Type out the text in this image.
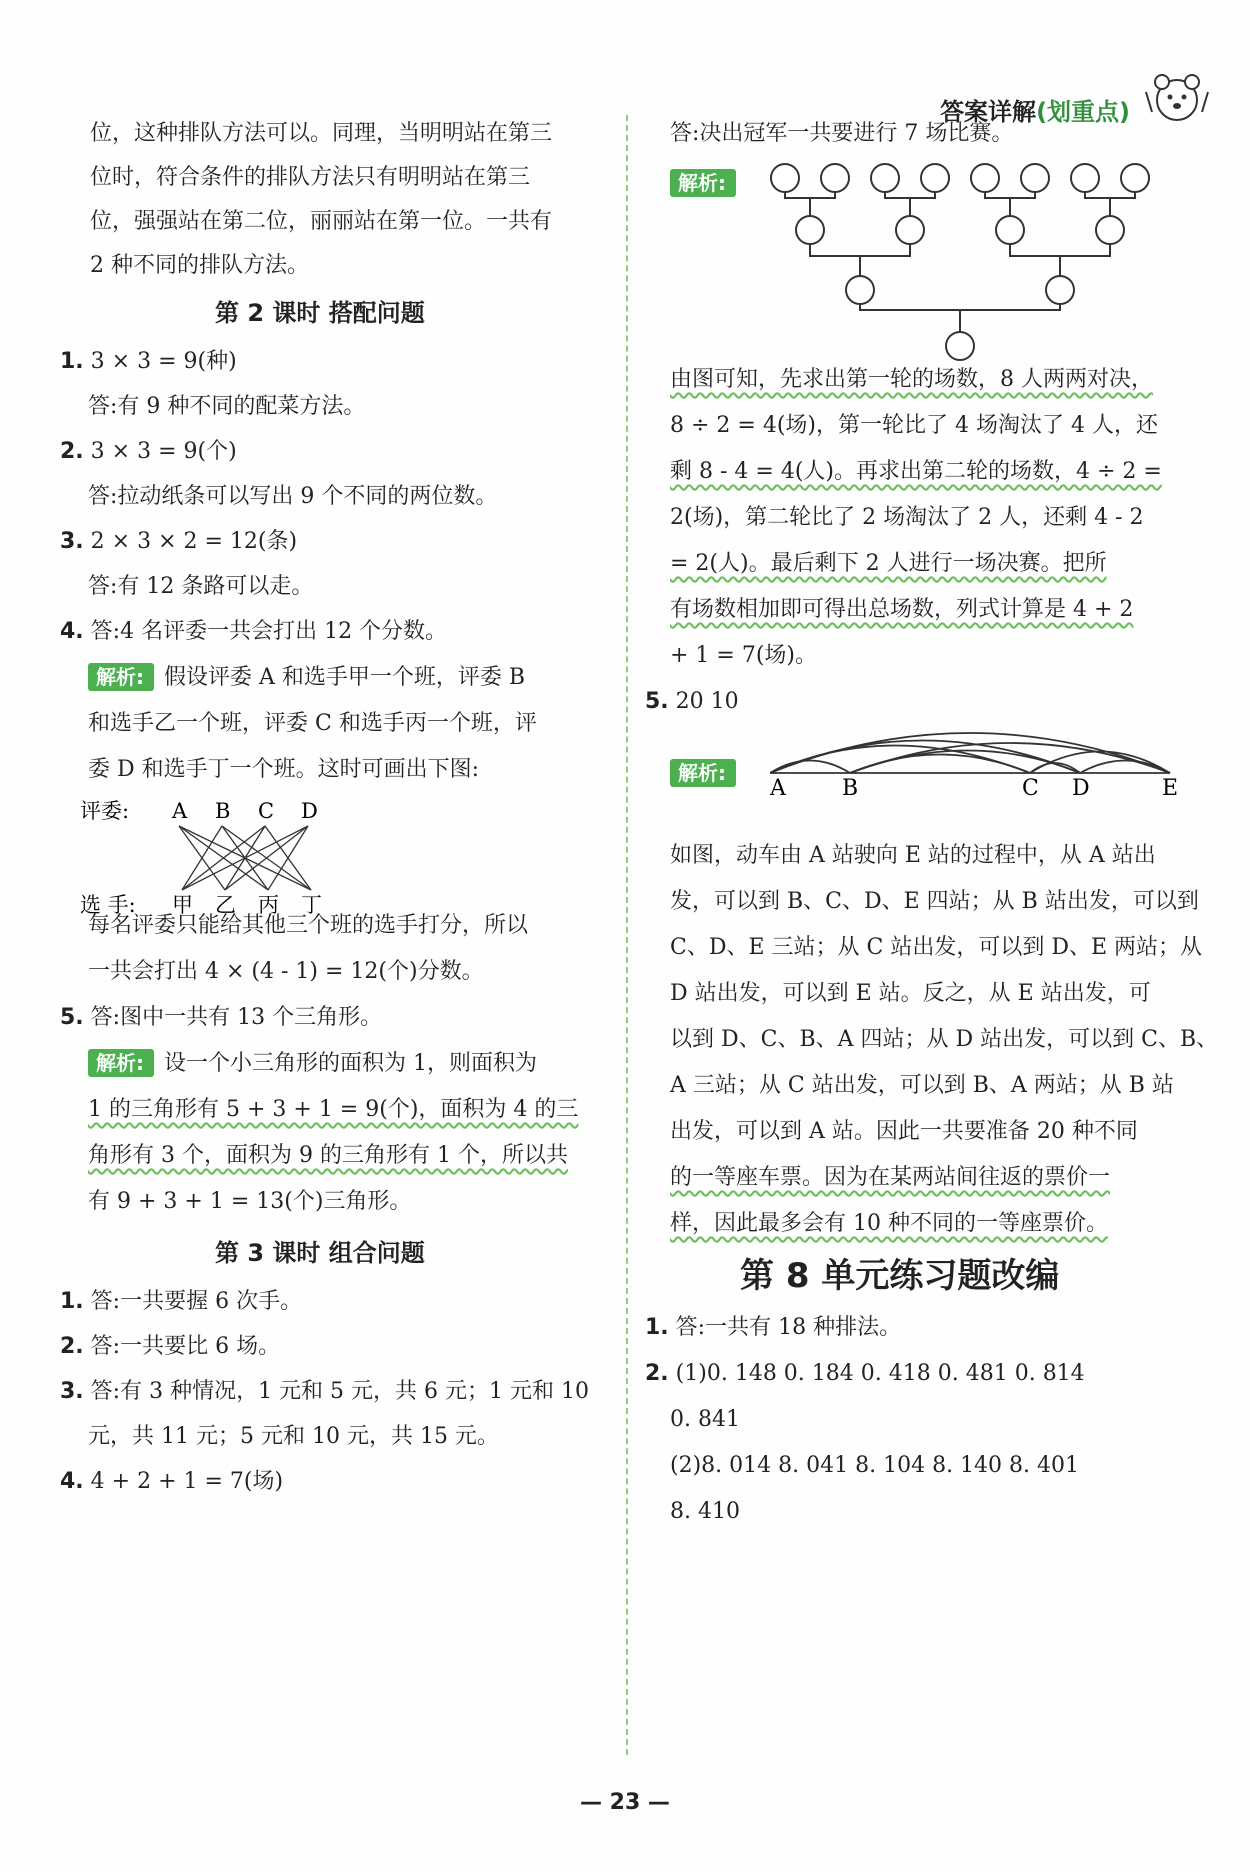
答案详解(划重点)
位，这种排队方法可以。同理，当明明站在第三
位时，符合条件的排队方法只有明明站在第三
位，强强站在第二位，丽丽站在第一位。一共有
2 种不同的排队方法。
第 2 课时 搭配问题
1. 3 × 3 = 9(种)
答:有 9 种不同的配菜方法。
2. 3 × 3 = 9(个)
答:拉动纸条可以写出 9 个不同的两位数。
3. 2 × 3 × 2 = 12(条)
答:有 12 条路可以走。
4. 答:4 名评委一共会打出 12 个分数。
解析: 假设评委 A 和选手甲一个班，评委 B
和选手乙一个班，评委 C 和选手丙一个班，评
委 D 和选手丁一个班。这时可画出下图:
评委: A B C D
选 手: 甲 乙 丙 丁
每名评委只能给其他三个班的选手打分，所以
一共会打出 4 × (4 - 1) = 12(个)分数。
5. 答:图中一共有 13 个三角形。
解析: 设一个小三角形的面积为 1，则面积为
1 的三角形有 5 + 3 + 1 = 9(个)，面积为 4 的三
角形有 3 个，面积为 9 的三角形有 1 个，所以共
有 9 + 3 + 1 = 13(个)三角形。
第 3 课时 组合问题
1. 答:一共要握 6 次手。
2. 答:一共要比 6 场。
3. 答:有 3 种情况，1 元和 5 元，共 6 元；1 元和 10
元，共 11 元；5 元和 10 元，共 15 元。
4. 4 + 2 + 1 = 7(场)
答:决出冠军一共要进行 7 场比赛。
解析:
由图可知，先求出第一轮的场数，8 人两两对决，
8 ÷ 2 = 4(场)，第一轮比了 4 场淘汰了 4 人，还
剩 8 - 4 = 4(人)。再求出第二轮的场数，4 ÷ 2 =
2(场)，第二轮比了 2 场淘汰了 2 人，还剩 4 - 2
= 2(人)。最后剩下 2 人进行一场决赛。把所
有场数相加即可得出总场数，列式计算是 4 + 2
+ 1 = 7(场)。
5. 20 10
解析:
A	B	C D	E
如图，动车由 A 站驶向 E 站的过程中，从 A 站出
发，可以到 B、C、D、E 四站；从 B 站出发，可以到
C、D、E 三站；从 C 站出发，可以到 D、E 两站；从
D 站出发，可以到 E 站。反之，从 E 站出发，可
以到 D、C、B、A 四站；从 D 站出发，可以到 C、B、
A 三站；从 C 站出发，可以到 B、A 两站；从 B 站
出发，可以到 A 站。因此一共要准备 20 种不同
的一等座车票。因为在某两站间往返的票价一
样，因此最多会有 10 种不同的一等座票价。
第 8 单元练习题改编
1. 答:一共有 18 种排法。
2. (1)0. 148 0. 184 0. 418 0. 481 0. 814
0. 841
(2)8. 014 8. 041 8. 104 8. 140 8. 401
8. 410
— 23 —
